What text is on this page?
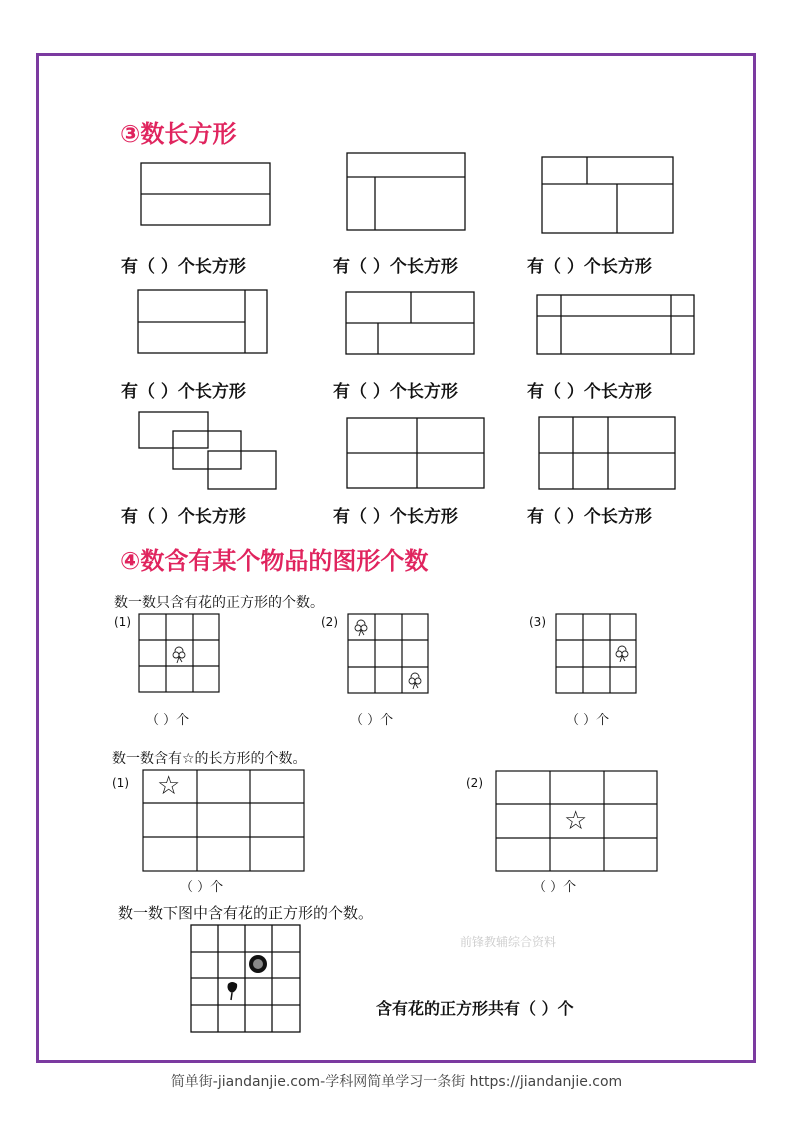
③数长方形
有（ ）个长方形	有（ ）个长方形	有（ ）个长方形
有（ ）个长方形	有（ ）个长方形	有（ ）个长方形
有（ ）个长方形	有（ ）个长方形	有（ ）个长方形
④数含有某个物品的图形个数
数一数只含有花的正方形的个数。
(1)	(2)	(3)
（ ）个	（ ）个	（ ）个
数一数含有☆的长方形的个数。
(1)	(2)
☆
☆
（ ）个	（ ）个
数一数下图中含有花的正方形的个数。
前锋教辅综合资料
含有花的正方形共有（ ）个
简单街-jiandanjie.com-学科网简单学习一条街 https://jiandanjie.com
